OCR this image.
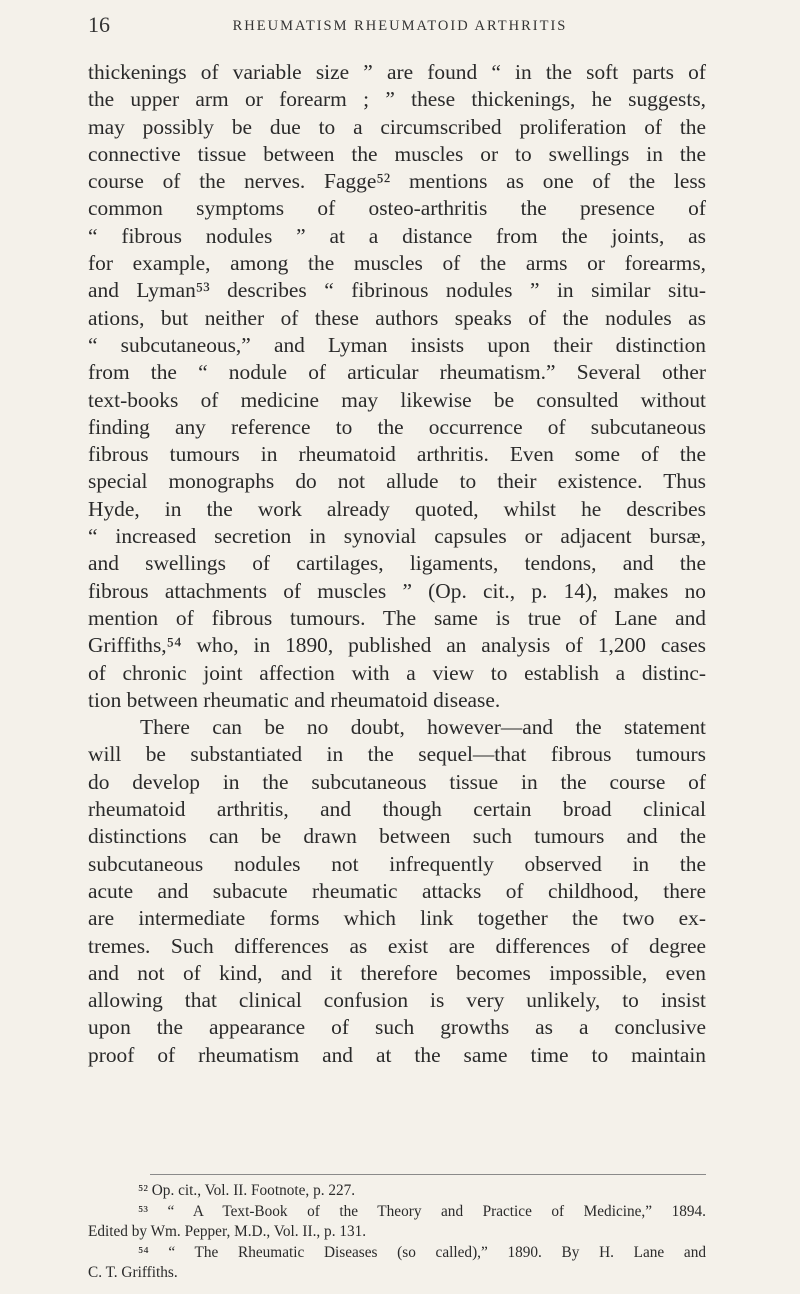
16	RHEUMATISM RHEUMATOID ARTHRITIS
thickenings of variable size ” are found “ in the soft parts of
the upper arm or forearm ; ” these thickenings, he suggests,
may possibly be due to a circumscribed proliferation of the
connective tissue between the muscles or to swellings in the
course of the nerves. Fagge⁵² mentions as one of the less
common symptoms of osteo-arthritis the presence of
“ fibrous nodules ” at a distance from the joints, as
for example, among the muscles of the arms or forearms,
and Lyman⁵³ describes “ fibrinous nodules ” in similar situ-
ations, but neither of these authors speaks of the nodules as
“ subcutaneous,” and Lyman insists upon their distinction
from the “ nodule of articular rheumatism.” Several other
text-books of medicine may likewise be consulted without
finding any reference to the occurrence of subcutaneous
fibrous tumours in rheumatoid arthritis. Even some of the
special monographs do not allude to their existence. Thus
Hyde, in the work already quoted, whilst he describes
“ increased secretion in synovial capsules or adjacent bursæ,
and swellings of cartilages, ligaments, tendons, and the
fibrous attachments of muscles ” (Op. cit., p. 14), makes no
mention of fibrous tumours. The same is true of Lane and
Griffiths,⁵⁴ who, in 1890, published an analysis of 1,200 cases
of chronic joint affection with a view to establish a distinc-
tion between rheumatic and rheumatoid disease.
There can be no doubt, however—and the statement
will be substantiated in the sequel—that fibrous tumours
do develop in the subcutaneous tissue in the course of
rheumatoid arthritis, and though certain broad clinical
distinctions can be drawn between such tumours and the
subcutaneous nodules not infrequently observed in the
acute and subacute rheumatic attacks of childhood, there
are intermediate forms which link together the two ex-
tremes. Such differences as exist are differences of degree
and not of kind, and it therefore becomes impossible, even
allowing that clinical confusion is very unlikely, to insist
upon the appearance of such growths as a conclusive
proof of rheumatism and at the same time to maintain
⁵² Op. cit., Vol. II. Footnote, p. 227.
⁵³ “ A Text-Book of the Theory and Practice of Medicine,” 1894.
Edited by Wm. Pepper, M.D., Vol. II., p. 131.
⁵⁴ “ The Rheumatic Diseases (so called),” 1890. By H. Lane and
C. T. Griffiths.
